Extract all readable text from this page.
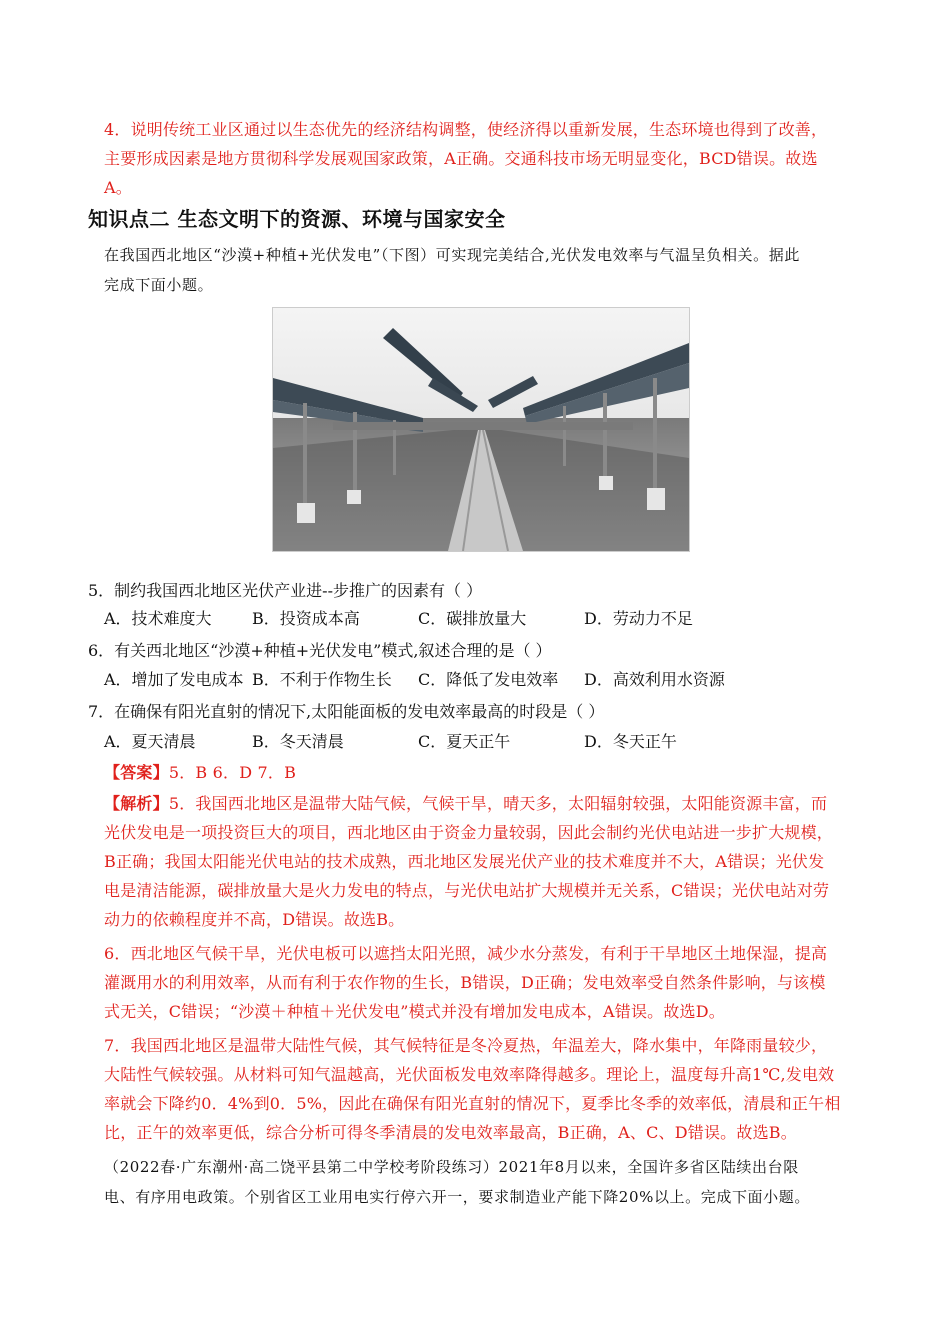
4．说明传统工业区通过以生态优先的经济结构调整，使经济得以重新发展，生态环境也得到了改善，

主要形成因素是地方贯彻科学发展观国家政策，A正确。交通科技市场无明显变化，BCD错误。故选

A。

知识点二 生态文明下的资源、环境与国家安全
在我国西北地区“沙漠+种植+光伏发电”（下图）可实现完美结合,光伏发电效率与气温呈负相关。据此
完成下面小题。
5．制约我国西北地区光伏产业进--步推广的因素有（ ）
A．技术难度大	B．投资成本高	C．碳排放量大	D．劳动力不足
6．有关西北地区“沙漠+种植+光伏发电”模式,叙述合理的是（ ）
A．增加了发电成本 B．不利于作物生长 C．降低了发电效率 D．高效利用水资源
7．在确保有阳光直射的情况下,太阳能面板的发电效率最高的时段是（ ）
A．夏天清晨	B．冬天清晨	C．夏天正午	D．冬天正午

【答案】5．B 6．D 7．B

【解析】5．我国西北地区是温带大陆气候，气候干旱，晴天多，太阳辐射较强，太阳能资源丰富，而

光伏发电是一项投资巨大的项目，西北地区由于资金力量较弱，因此会制约光伏电站进一步扩大规模，

B正确；我国太阳能光伏电站的技术成熟，西北地区发展光伏产业的技术难度并不大，A错误；光伏发

电是清洁能源，碳排放量大是火力发电的特点，与光伏电站扩大规模并无关系，C错误；光伏电站对劳

动力的依赖程度并不高，D错误。故选B。

6．西北地区气候干旱，光伏电板可以遮挡太阳光照，减少水分蒸发，有利于干旱地区土地保湿，提高

灌溉用水的利用效率，从而有利于农作物的生长，B错误，D正确；发电效率受自然条件影响，与该模

式无关，C错误；“沙漠＋种植＋光伏发电”模式并没有增加发电成本，A错误。故选D。

7．我国西北地区是温带大陆性气候，其气候特征是冬冷夏热，年温差大，降水集中，年降雨量较少，

大陆性气候较强。从材料可知气温越高，光伏面板发电效率降得越多。理论上，温度每升高1℃,发电效

率就会下降约0．4%到0．5%，因此在确保有阳光直射的情况下，夏季比冬季的效率低，清晨和正午相

比，正午的效率更低，综合分析可得冬季清晨的发电效率最高，B正确，A、C、D错误。故选B。

（2022春·广东潮州·高二饶平县第二中学校考阶段练习）2021年8月以来，全国许多省区陆续出台限
电、有序用电政策。个别省区工业用电实行停六开一，要求制造业产能下降20%以上。完成下面小题。
